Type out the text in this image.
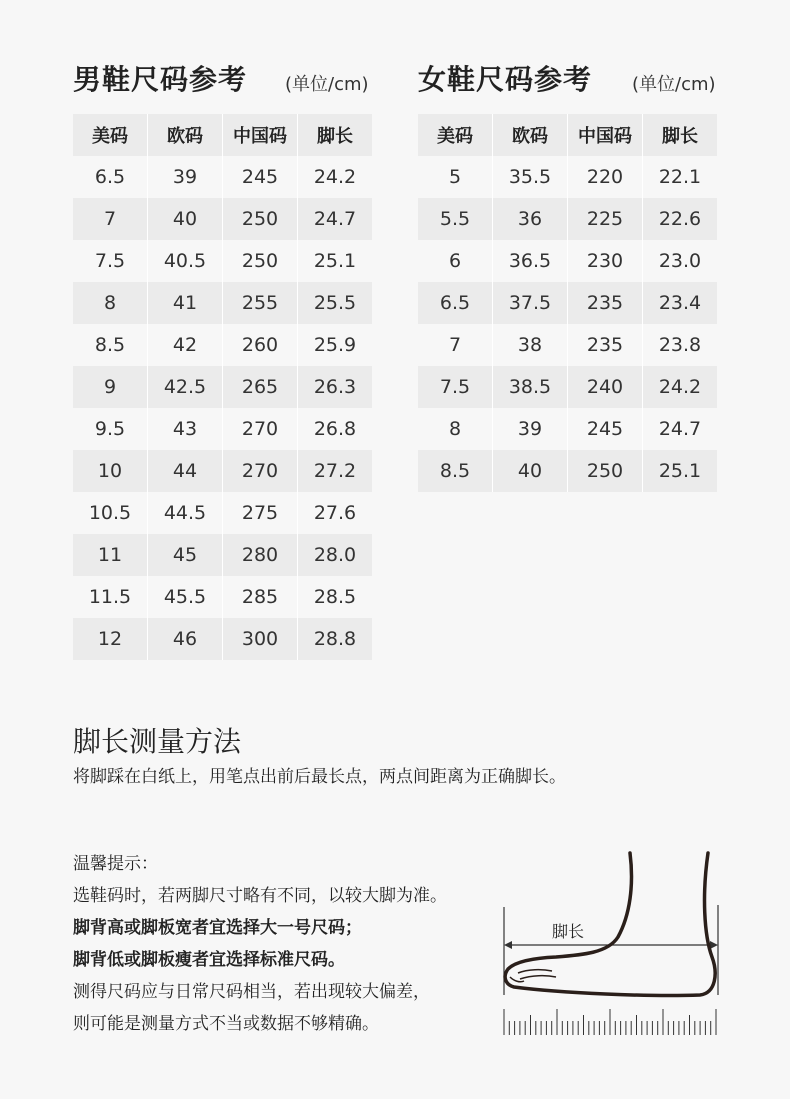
男鞋尺码参考 (单位/cm)
美码	欧码	中国码	脚长
6.5	39	245	24.2
7	40	250	24.7
7.5	40.5	250	25.1
8	41	255	25.5
8.5	42	260	25.9
9	42.5	265	26.3
9.5	43	270	26.8
10	44	270	27.2
10.5	44.5	275	27.6
11	45	280	28.0
11.5	45.5	285	28.5
12	46	300	28.8
女鞋尺码参考 (单位/cm)
美码	欧码	中国码	脚长
5	35.5	220	22.1
5.5	36	225	22.6
6	36.5	230	23.0
6.5	37.5	235	23.4
7	38	235	23.8
7.5	38.5	240	24.2
8	39	245	24.7
8.5	40	250	25.1
脚长测量方法
将脚踩在白纸上，用笔点出前后最长点，两点间距离为正确脚长。
温馨提示：
选鞋码时，若两脚尺寸略有不同，以较大脚为准。
脚背高或脚板宽者宜选择大一号尺码；
脚背低或脚板瘦者宜选择标准尺码。
测得尺码应与日常尺码相当，若出现较大偏差，
则可能是测量方式不当或数据不够精确。
脚长
